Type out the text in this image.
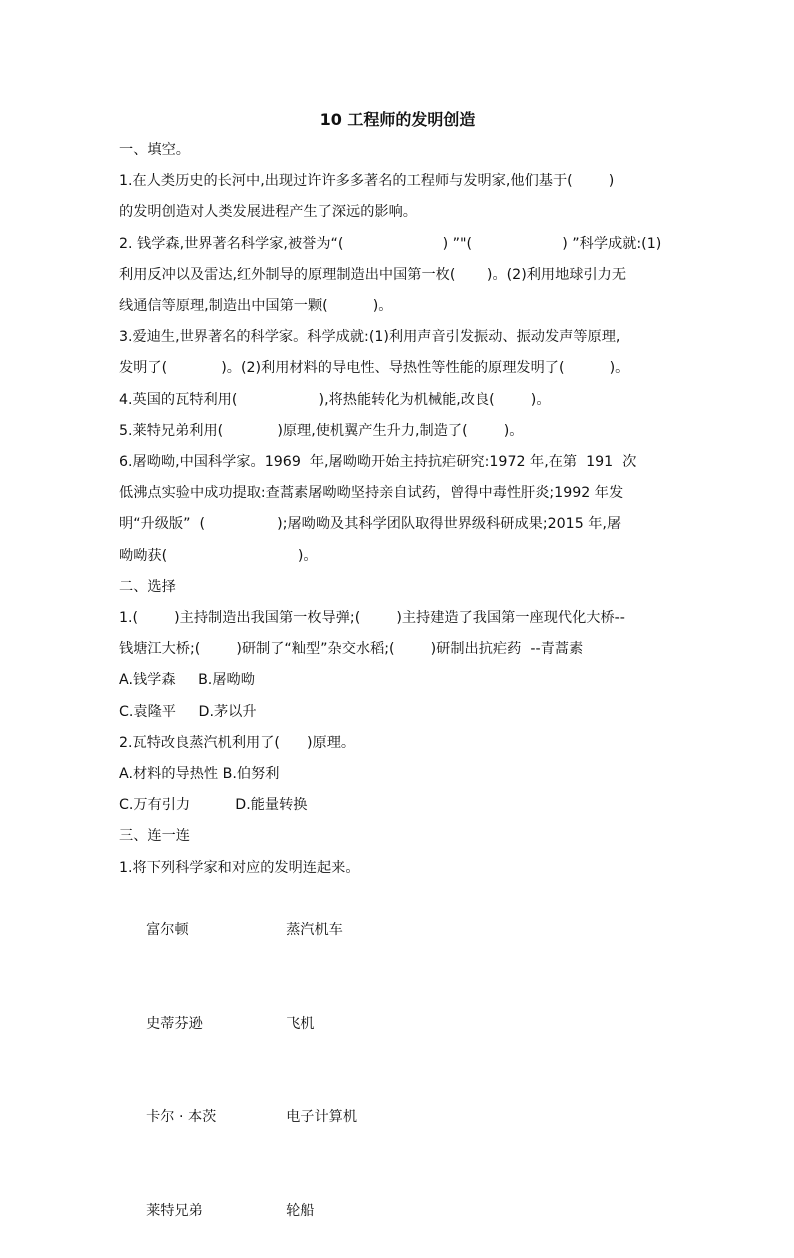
10 工程师的发明创造
一、填空。
1.在人类历史的长河中,出现过许许多多著名的工程师与发明家,他们基于(        )
的发明创造对人类发展进程产生了深远的影响。
2. 钱学森,世界著名科学家,被誉为“(                      ) ”"(                    ) ”科学成就:(1)
利用反冲以及雷达,红外制导的原理制造出中国第一枚(       )。(2)利用地球引力无
线通信等原理,制造出中国第一颗(          )。
3.爱迪生,世界著名的科学家。科学成就:(1)利用声音引发振动、振动发声等原理,
发明了(            )。(2)利用材料的导电性、导热性等性能的原理发明了(          )。
4.英国的瓦特利用(                  ),将热能转化为机械能,改良(        )。
5.莱特兄弟利用(            )原理,使机翼产生升力,制造了(        )。
6.屠呦呦,中国科学家。1969  年,屠呦呦开始主持抗疟研究:1972 年,在第  191  次
低沸点实验中成功提取:查蒿素屠呦呦坚持亲自试药，曾得中毒性肝炎;1992 年发
明“升级版”  (                );屠呦呦及其科学团队取得世界级科研成果;2015 年,屠
呦呦获(                             )。
二、选择
1.(        )主持制造出我国第一枚导弹;(        )主持建造了我国第一座现代化大桥--
钱塘江大桥;(        )研制了“籼型”杂交水稻;(        )研制出抗疟药  --青蒿素
A.钱学森     B.屠呦呦
C.袁隆平     D.茅以升
2.瓦特改良蒸汽机利用了(      )原理。
A.材料的导热性 B.伯努利
C.万有引力          D.能量转换
三、连一连
1.将下列科学家和对应的发明连起来。

富尔顿	蒸汽机车

史蒂芬逊	飞机

卡尔 · 本茨	电子计算机

莱特兄弟	轮船
